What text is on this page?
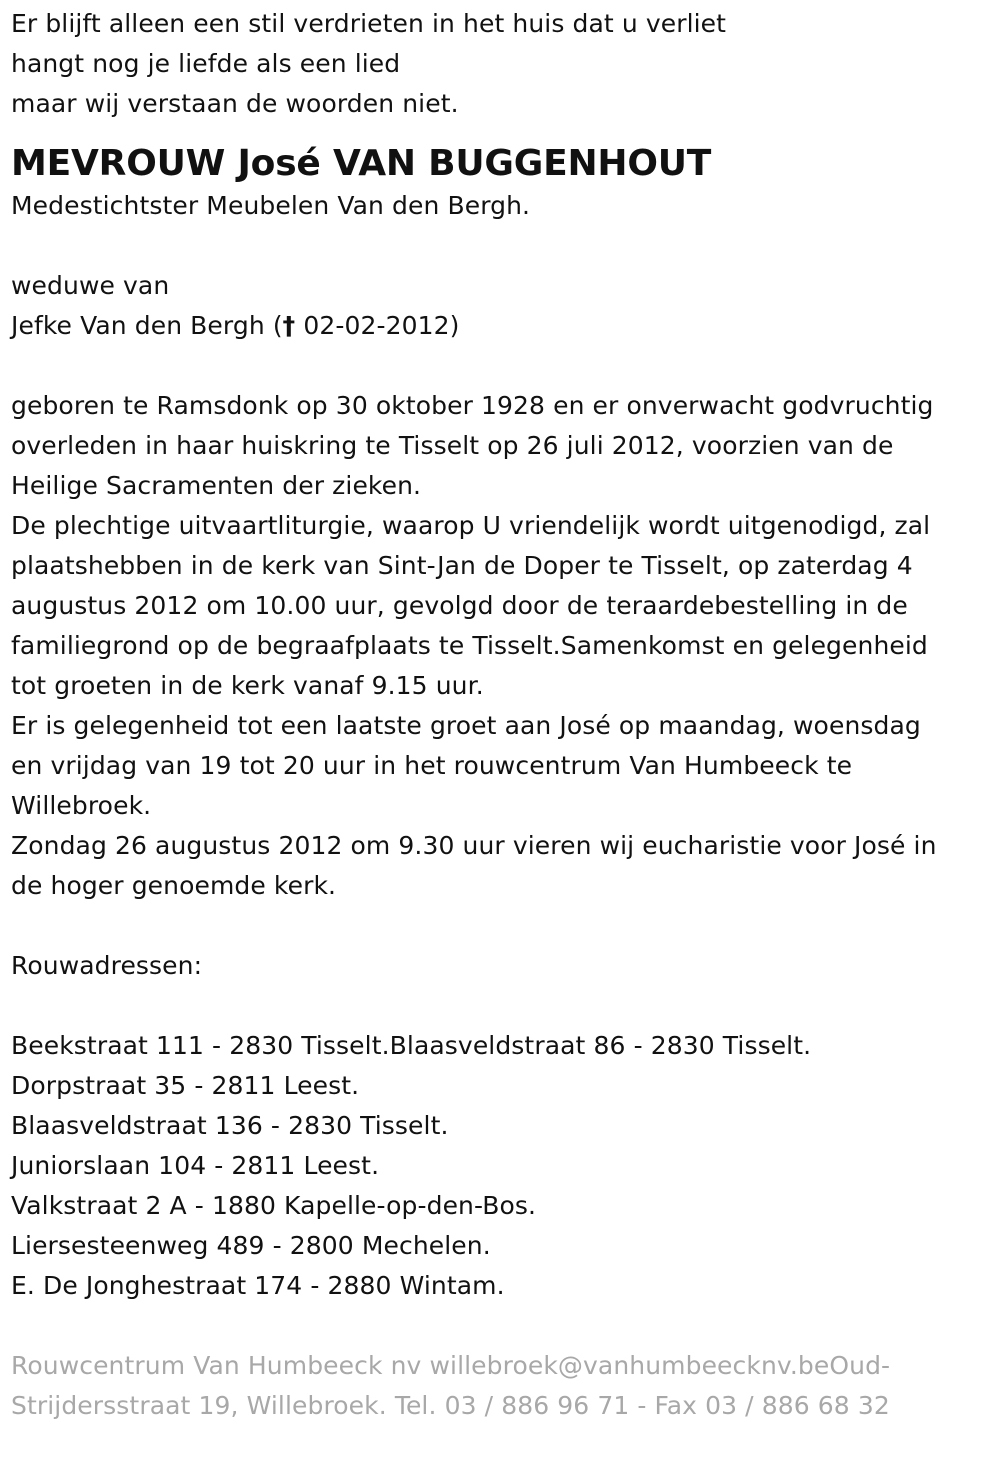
Er blijft alleen een stil verdrieten in het huis dat u verliet
hangt nog je liefde als een lied
maar wij verstaan de woorden niet.
MEVROUW José VAN BUGGENHOUT
Medestichtster Meubelen Van den Bergh.
weduwe van
Jefke Van den Bergh († 02-02-2012)
geboren te Ramsdonk op 30 oktober 1928 en er onverwacht godvruchtig
overleden in haar huiskring te Tisselt op 26 juli 2012, voorzien van de
Heilige Sacramenten der zieken.
De plechtige uitvaartliturgie, waarop U vriendelijk wordt uitgenodigd, zal
plaatshebben in de kerk van Sint-Jan de Doper te Tisselt, op zaterdag 4
augustus 2012 om 10.00 uur, gevolgd door de teraardebestelling in de
familiegrond op de begraafplaats te Tisselt.Samenkomst en gelegenheid
tot groeten in de kerk vanaf 9.15 uur.
Er is gelegenheid tot een laatste groet aan José op maandag, woensdag
en vrijdag van 19 tot 20 uur in het rouwcentrum Van Humbeeck te
Willebroek.
Zondag 26 augustus 2012 om 9.30 uur vieren wij eucharistie voor José in
de hoger genoemde kerk.
Rouwadressen:
Beekstraat 111 - 2830 Tisselt.Blaasveldstraat 86 - 2830 Tisselt.
Dorpstraat 35 - 2811 Leest.
Blaasveldstraat 136 - 2830 Tisselt.
Juniorslaan 104 - 2811 Leest.
Valkstraat 2 A - 1880 Kapelle-op-den-Bos.
Liersesteenweg 489 - 2800 Mechelen.
E. De Jonghestraat 174 - 2880 Wintam.
Rouwcentrum Van Humbeeck nv willebroek@vanhumbeecknv.beOud-
Strijdersstraat 19, Willebroek. Tel. 03 / 886 96 71 - Fax 03 / 886 68 32
